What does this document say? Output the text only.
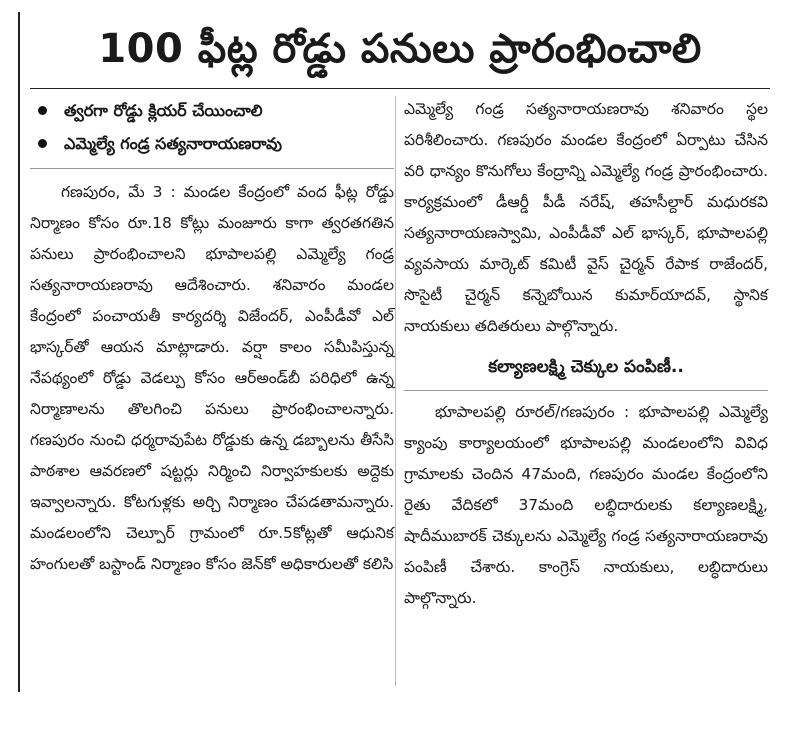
100 ఫీట్ల రోడ్డు పనులు ప్రారంభించాలి
త్వరగా రోడ్డు క్లియర్ చేయించాలి
ఎమ్మెల్యే గండ్ర సత్యనారాయణరావు

గణపురం, మే 3 : మండల కేంద్రంలో వంద ఫీట్ల రోడ్డు నిర్మాణం కోసం రూ.18 కోట్లు మంజూరు కాగా త్వరతగతిన పనులు ప్రారంభించాలని భూపాలపల్లి ఎమ్మెల్యే గండ్ర సత్యనారాయణరావు ఆదేశించారు. శనివారం మండల కేంద్రంలో పంచాయతీ కార్యదర్శి విజేందర్, ఎంపీడీవో ఎల్ భాస్కర్‌తో ఆయన మాట్లాడారు. వర్షా కాలం సమీపిస్తున్న నేపథ్యంలో రోడ్డు వెడల్పు కోసం ఆర్అండ్‌బీ పరిధిలో ఉన్న నిర్మాణాలను తొలగించి పనులు ప్రారంభించాలన్నారు. గణపురం నుంచి ధర్మరావుపేట రోడ్డుకు ఉన్న డబ్బాలను తీసేసి పాఠశాల ఆవరణలో షట్టర్లు నిర్మించి నిర్వాహకులకు అద్దెకు ఇవ్వాలన్నారు. కోటగుళ్లకు అర్చి నిర్మాణం చేపడతామన్నారు. మండలంలోని చెల్పూర్ గ్రామంలో రూ.5కోట్లతో ఆధునిక హంగులతో బస్టాండ్ నిర్మాణం కోసం జెన్‌కో అధికారులతో కలిసి

ఎమ్మెల్యే గండ్ర సత్యనారాయణరావు శనివారం స్థల పరిశీలించారు. గణపురం మండల కేంద్రంలో ఏర్పాటు చేసిన వరి ధాన్యం కొనుగోలు కేంద్రాన్ని ఎమ్మెల్యే గండ్ర ప్రారంభించారు. కార్యక్రమంలో డీఆర్డీ పీడీ నరేష్, తహసీల్దార్ మధురకవి సత్యనారాయణస్వామి, ఎంపీడీవో ఎల్ భాస్కర్, భూపాలపల్లి వ్యవసాయ మార్కెట్ కమిటీ వైస్ చైర్మన్ రేపాక రాజేందర్, సొసైటీ చైర్మన్ కన్నెబోయిన కుమార్‌యాదవ్, స్థానిక నాయకులు తదితరులు పాల్గొన్నారు.

కల్యాణలక్ష్మి చెక్కుల పంపిణీ..

భూపాలపల్లి రూరల్/గణపురం : భూపాలపల్లి ఎమ్మెల్యే క్యాంపు కార్యాలయంలో భూపాలపల్లి మండలంలోని వివిధ గ్రామాలకు చెందిన 47మంది, గణపురం మండల కేంద్రంలోని రైతు వేదికలో 37మంది లబ్ధిదారులకు కల్యాణలక్ష్మి, షాదీముబారక్ చెక్కులను ఎమ్మెల్యే గండ్ర సత్యనారాయణరావు పంపిణీ చేశారు. కాంగ్రెస్ నాయకులు, లబ్ధిదారులు పాల్గొన్నారు.
